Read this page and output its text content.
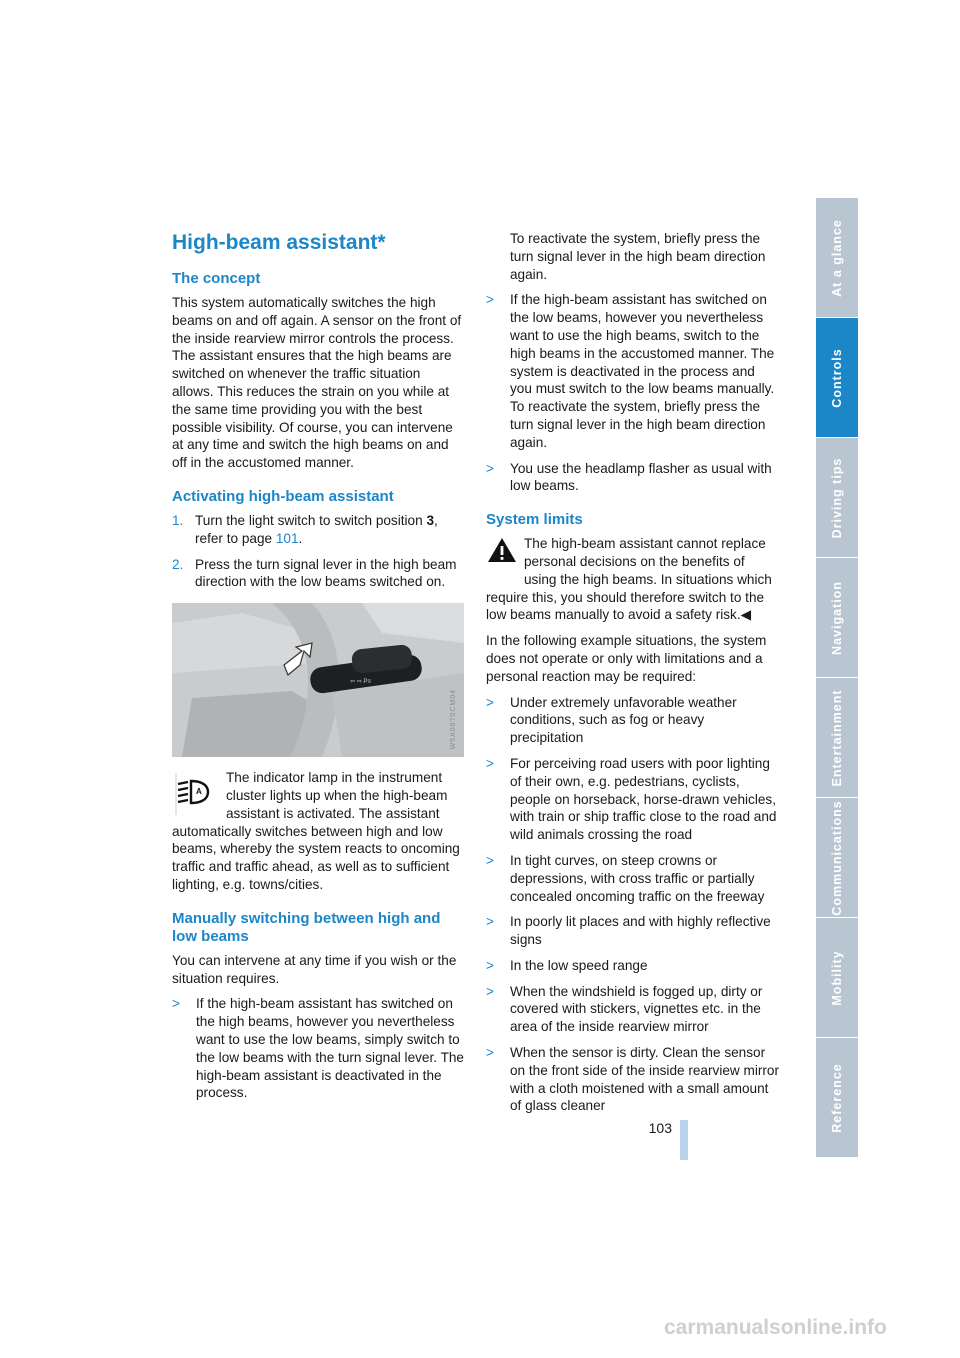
High-beam assistant*
The concept

This system automatically switches the high beams on and off again. A sensor on the front of the inside rearview mirror controls the process. The assistant ensures that the high beams are switched on whenever the traffic situation allows. This reduces the strain on you while at the same time providing you with the best possible visibility. Of course, you can intervene at any time and switch the high beams on and off in the accustomed manner.

Activating high-beam assistant
1. Turn the light switch to switch position 3, refer to page 101.
2. Press the turn signal lever in the high beam direction with the low beams switched on.
⇦ ⇨ P≡
W5A0070CM04
A

The indicator lamp in the instrument cluster lights up when the high-beam assistant is activated. The assistant automatically switches between high and low beams, whereby the system reacts to oncoming traffic and traffic ahead, as well as to sufficient lighting, e.g. towns/cities.

Manually switching between high and low beams

You can intervene at any time if you wish or the situation requires.

>	If the high-beam assistant has switched on the high beams, however you nevertheless want to use the low beams, simply switch to the low beams with the turn signal lever. The high-beam assistant is deactivated in the process.

To reactivate the system, briefly press the turn signal lever in the high beam direction again.

>	If the high-beam assistant has switched on the low beams, however you nevertheless want to use the high beams, switch to the high beams in the accustomed manner. The system is deactivated in the process and you must switch to the low beams manually. To reactivate the system, briefly press the turn signal lever in the high beam direction again.
>	You use the headlamp flasher as usual with low beams.
System limits
The high-beam assistant cannot replace personal decisions on the benefits of using the high beams. In situations which require this, you should therefore switch to the low beams manually to avoid a safety risk.◀

In the following example situations, the system does not operate or only with limitations and a personal reaction may be required:

>	Under extremely unfavorable weather conditions, such as fog or heavy precipitation
>	For perceiving road users with poor lighting of their own, e.g. pedestrians, cyclists, people on horseback, horse-drawn vehicles, with train or ship traffic close to the road and wild animals crossing the road
>	In tight curves, on steep crowns or depressions, with cross traffic or partially concealed oncoming traffic on the freeway
>	In poorly lit places and with highly reflective signs
>	In the low speed range
>	When the windshield is fogged up, dirty or covered with stickers, vignettes etc. in the area of the inside rearview mirror
>	When the sensor is dirty. Clean the sensor on the front side of the inside rearview mirror with a cloth moistened with a small amount of glass cleaner
At a glance
Controls
Driving tips
Navigation
Entertainment
Communications
Mobility
Reference
103
carmanualsonline.info
